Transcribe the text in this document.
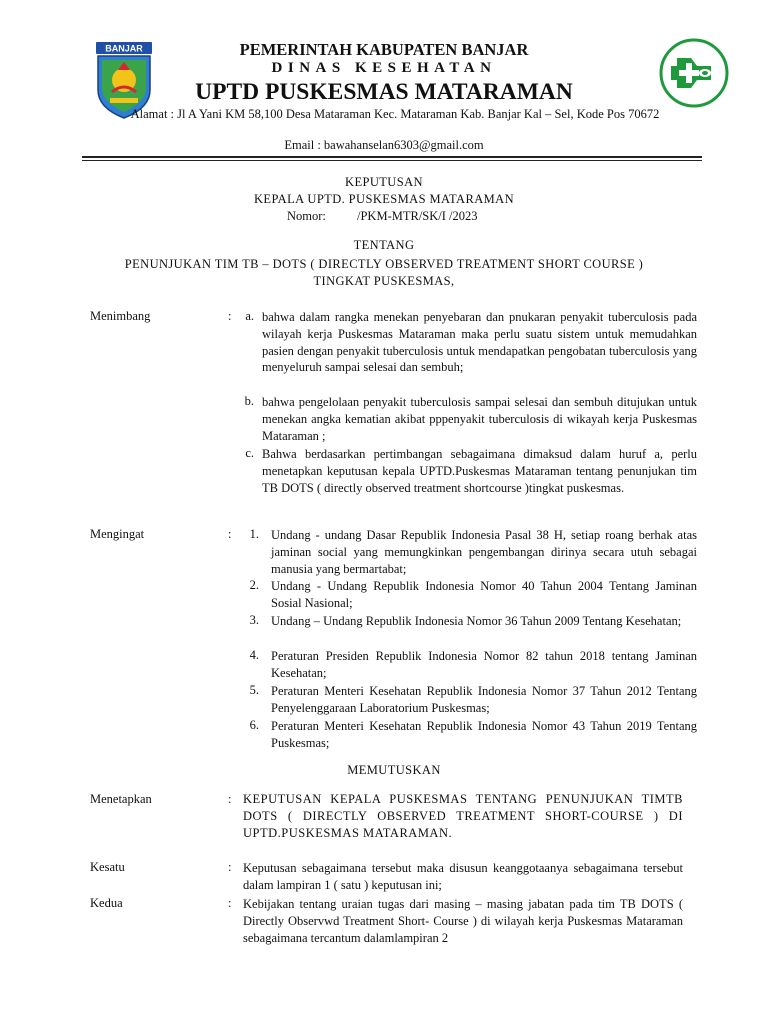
BANJAR	PEMERINTAH KABUPATEN BANJAR
DINAS KESEHATAN
UPTD PUSKESMAS MATARAMAN
Alamat : Jl A Yani KM 58,100 Desa Mataraman Kec. Mataraman Kab. Banjar Kal – Sel, Kode Pos 70672
Email : bawahanselan6303@gmail.com
KEPUTUSAN
KEPALA UPTD. PUSKESMAS MATARAMAN
Nomor: /PKM-MTR/SK/I /2023
TENTANG
PENUNJUKAN TIM TB – DOTS ( DIRECTLY OBSERVED TREATMENT SHORT COURSE )
TINGKAT PUSKESMAS,
Menimbang	:	a. bahwa dalam rangka menekan penyebaran dan pnukaran penyakit tuberculosis pada wilayah kerja Puskesmas Mataraman maka perlu suatu sistem untuk memudahkan pasien dengan penyakit tuberculosis untuk mendapatkan pengobatan tuberculosis yang menyeluruh sampai selesai dan sembuh;
b. bahwa pengelolaan penyakit tuberculosis sampai selesai dan sembuh ditujukan untuk menekan angka kematian akibat pppenyakit tuberculosis di wikayah kerja Puskesmas Mataraman ;
c. Bahwa berdasarkan pertimbangan sebagaimana dimaksud dalam huruf a, perlu menetapkan keputusan kepala UPTD.Puskesmas Mataraman tentang penunjukan tim TB DOTS ( directly observed treatment shortcourse )tingkat puskesmas.
Mengingat	:	1. Undang - undang Dasar Republik Indonesia Pasal 38 H, setiap roang berhak atas jaminan social yang memungkinkan pengembangan dirinya secara utuh sebagai manusia yang bermartabat;
2. Undang - Undang Republik Indonesia Nomor 40 Tahun 2004 Tentang Jaminan Sosial Nasional;
3. Undang – Undang Republik Indonesia Nomor 36 Tahun 2009 Tentang Kesehatan;
4. Peraturan Presiden Republik Indonesia Nomor 82 tahun 2018 tentang Jaminan Kesehatan;
5. Peraturan Menteri Kesehatan Republik Indonesia Nomor 37 Tahun 2012 Tentang Penyelenggaraan Laboratorium Puskesmas;
6. Peraturan Menteri Kesehatan Republik Indonesia Nomor 43 Tahun 2019 Tentang Puskesmas;
MEMUTUSKAN
Menetapkan	: KEPUTUSAN KEPALA PUSKESMAS TENTANG PENUNJUKAN TIMTB DOTS ( DIRECTLY OBSERVED TREATMENT SHORT-COURSE ) DI UPTD.PUSKESMAS MATARAMAN.
Kesatu	: Keputusan sebagaimana tersebut maka disusun keanggotaanya sebagaimana tersebut dalam lampiran 1 ( satu ) keputusan ini;
Kedua	: Kebijakan tentang uraian tugas dari masing – masing jabatan pada tim TB DOTS ( Directly Observwd Treatment Short- Course ) di wilayah kerja Puskesmas Mataraman sebagaimana tercantum dalamlampiran 2
